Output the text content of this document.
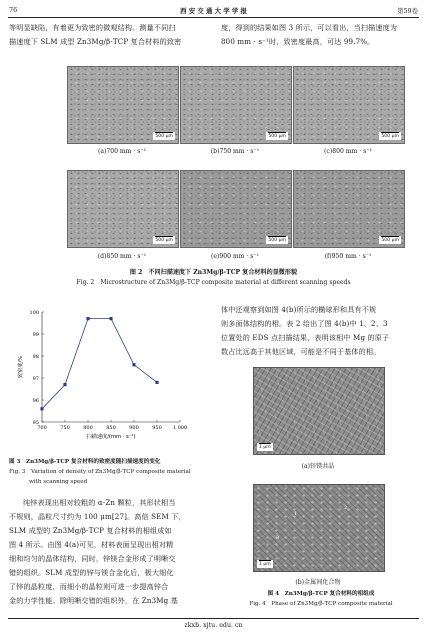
76	西 安 交 通 大 学 学 报	第59卷
等明显缺陷，有着更为致密的微观结构。测量不同扫
描速度下 SLM 成型 Zn3Mg/β-TCP 复合材料的致密
度，得到的结果如图 3 所示，可以看出，当扫描速度为
800 mm · s⁻¹时，致密度最高，可达 99.7%。
500 μm	500 μm	500 μm
(a)700 mm · s⁻¹	(b)750 mm · s⁻¹	(c)800 mm · s⁻¹
500 μm	500 μm	500 μm
(d)850 mm · s⁻¹	(e)900 mm · s⁻¹	(f)950 mm · s⁻¹
图 2　不同扫描速度下 Zn3Mg/β-TCP 复合材料的显微形貌
Fig. 2　Microstructure of Zn3Mg/β-TCP composite material at different scanning speeds
95
96
97
98
99
100
700	750	800	850	900	950 1 000
致密度/%
扫描速度/(mm · s⁻¹)
图 3　Zn3Mg/β-TCP 复合材料的致密度随扫描速度的变化
Fig. 3　Variation of density of Zn3Mg/β-TCP composite material
with scanning speed
体中还观察到如图 4(b)所示的椭球形和具有不规
则多面体结构的相。表 2 给出了图 4(b)中 1、2、3
位置处的 EDS 点扫描结果，表明该相中 Mg 的原子
数占比远高于其他区域，可能是不同于基体的相。
纯锌表现出相对较粗的 α-Zn 颗粒，其形状相当
不规则，晶粒尺寸约为 100 μm[27]。高倍 SEM 下，
SLM 成型的 Zn3Mg/β-TCP 复合材料的相组成如
图 4 所示。由图 4(a)可见，材料表面呈现出相对精
细和均匀的晶体结构，同时，锌镁合金形成了明晰交
错的组织。SLM 成型的锌与镁合金化后，极大细化
了锌的晶粒度，而细小的晶粒则可进一步提高锌合
金的力学性能。除明晰交错的组织外，在 Zn3Mg 基
1 μm
(a)锌镁共晶
1
2
3
1 μm
(b)金属间化合物
图 4　Zn3Mg/β-TCP 复合材料的相组成
Fig. 4　Phase of Zn3Mg/β-TCP composite material
zkxb. xjtu. edu. cn
